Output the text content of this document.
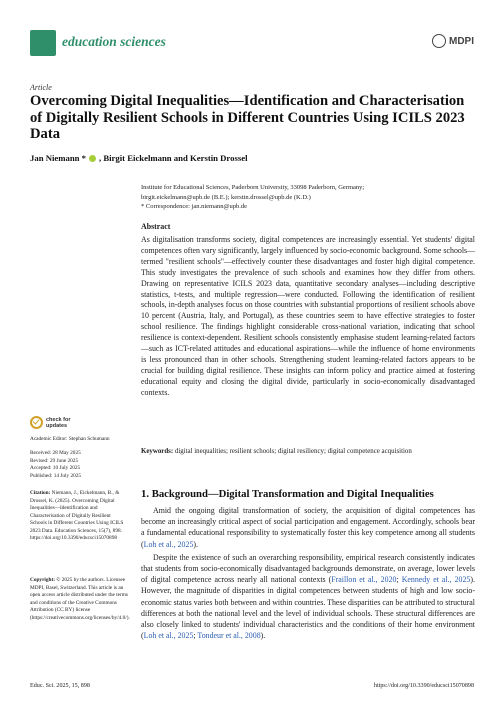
education sciences	MDPI
Article
Overcoming Digital Inequalities—Identification and Characterisation of Digitally Resilient Schools in Different Countries Using ICILS 2023 Data
Jan Niemann * , Birgit Eickelmann and Kerstin Drossel
Institute for Educational Sciences, Paderborn University, 33098 Paderborn, Germany;
birgit.eickelmann@upb.de (B.E.); kerstin.drossel@upb.de (K.D.)
* Correspondence: jan.niemann@upb.de
Abstract
As digitalisation transforms society, digital competences are increasingly essential. Yet students' digital competences often vary significantly, largely influenced by socio-economic background. Some schools—termed "resilient schools"—effectively counter these disadvantages and foster high digital competence. This study investigates the prevalence of such schools and examines how they differ from others. Drawing on representative ICILS 2023 data, quantitative secondary analyses—including descriptive statistics, t-tests, and multiple regression—were conducted. Following the identification of resilient schools, in-depth analyses focus on those countries with substantial proportions of resilient schools above 10 percent (Austria, Italy, and Portugal), as these countries seem to have effective strategies to foster school resilience. The findings highlight considerable cross-national variation, indicating that school resilience is context-dependent. Resilient schools consistently emphasise student learning-related factors—such as ICT-related attitudes and educational aspirations—while the influence of home environments is less pronounced than in other schools. Strengthening student learning-related factors appears to be crucial for building digital resilience. These insights can inform policy and practice aimed at fostering educational equity and closing the digital divide, particularly in socio-economically disadvantaged contexts.
Keywords: digital inequalities; resilient schools; digital resiliency; digital competence acquisition
check for
updates
Academic Editor: Stephan Schumann
Received: 28 May 2025
Revised: 29 June 2025
Accepted: 10 July 2025
Published: 14 July 2025
Citation: Niemann, J., Eickelmann, B., & Drossel, K. (2025). Overcoming Digital Inequalities—Identification and Characterisation of Digitally Resilient Schools in Different Countries Using ICILS 2023 Data. Education Sciences, 15(7), 898. https://doi.org/10.3390/educsci15070898
Copyright: © 2025 by the authors. Licensee MDPI, Basel, Switzerland. This article is an open access article distributed under the terms and conditions of the Creative Commons Attribution (CC BY) license (https://creativecommons.org/licenses/by/4.0/).
1. Background—Digital Transformation and Digital Inequalities

Amid the ongoing digital transformation of society, the acquisition of digital competences has become an increasingly critical aspect of social participation and engagement. Accordingly, schools bear a fundamental educational responsibility to systematically foster this key competence among all students (Loh et al., 2025).

Despite the existence of such an overarching responsibility, empirical research consistently indicates that students from socio-economically disadvantaged backgrounds demonstrate, on average, lower levels of digital competence across nearly all national contexts (Fraillon et al., 2020; Kennedy et al., 2025). However, the magnitude of disparities in digital competences between students of high and low socio-economic status varies both between and within countries. These disparities can be attributed to structural differences at both the national level and the level of individual schools. These structural differences are also closely linked to students' individual characteristics and the conditions of their home environment (Loh et al., 2025; Tondeur et al., 2008).

Educ. Sci. 2025, 15, 898	https://doi.org/10.3390/educsci15070898
